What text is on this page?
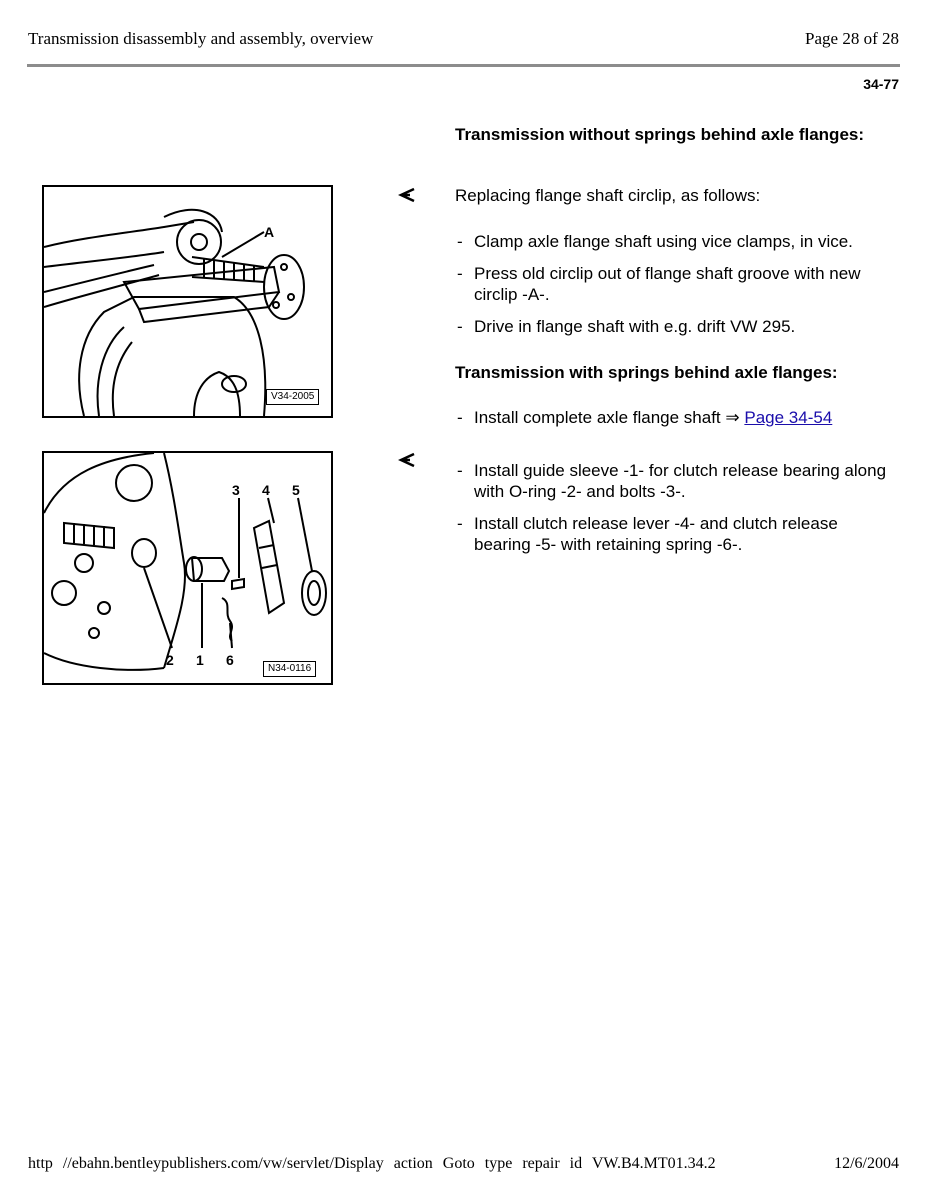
Transmission disassembly and assembly, overview	Page 28 of 28
34-77
Transmission without springs behind axle flanges:
Replacing flange shaft circlip, as follows:
- Clamp axle flange shaft using vice clamps, in vice.
- Press old circlip out of flange shaft groove with new circlip -A-.
- Drive in flange shaft with e.g. drift VW 295.
Transmission with springs behind axle flanges:
- Install complete axle flange shaft ⇒ Page 34-54
- Install guide sleeve -1- for clutch release bearing along with O-ring -2- and bolts -3-.
- Install clutch release lever -4- and clutch release bearing -5- with retaining spring -6-.
A
V34-2005
3 4 5
2 1 6
N34-0116
http //ebahn.bentleypublishers.com/vw/servlet/Display action Goto type repair id VW.B4.MT01.34.2	12/6/2004
